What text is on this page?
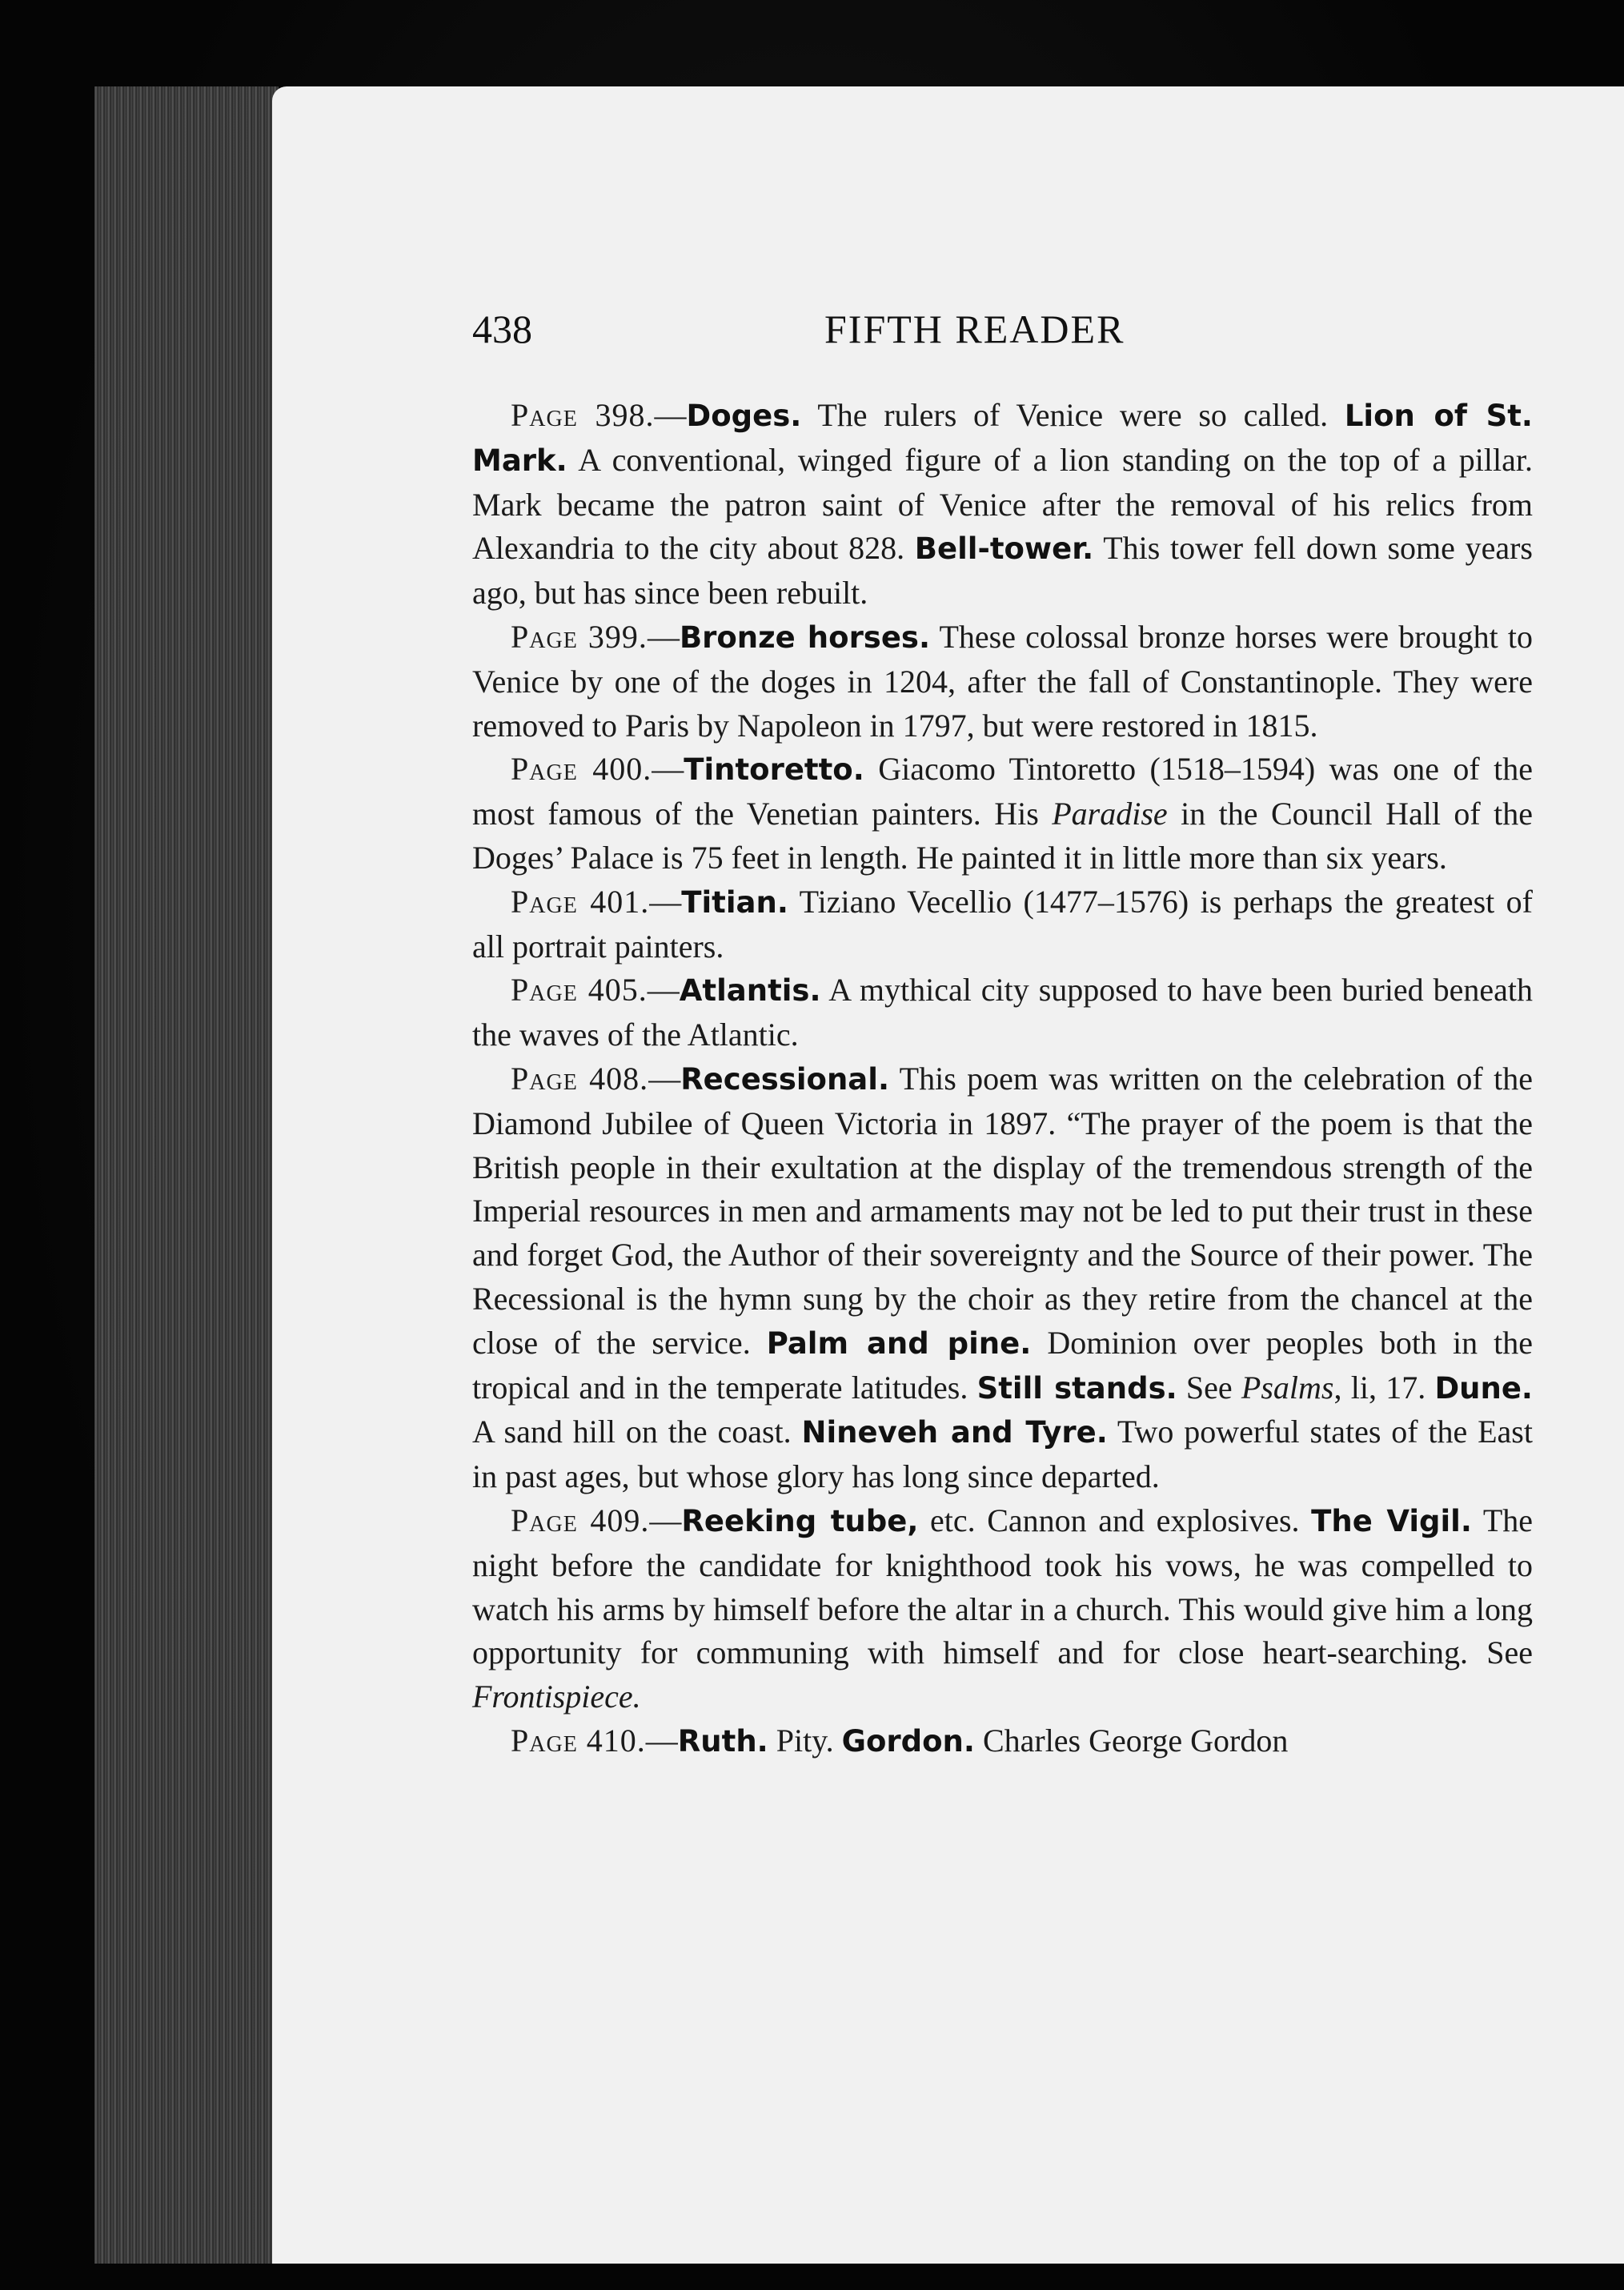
438	FIFTH READER

Page 398.—Doges. The rulers of Venice were so called. Lion of St. Mark. A conventional, winged figure of a lion standing on the top of a pillar. Mark became the patron saint of Venice after the removal of his relics from Alexandria to the city about 828. Bell-tower. This tower fell down some years ago, but has since been rebuilt.

Page 399.—Bronze horses. These colossal bronze horses were brought to Venice by one of the doges in 1204, after the fall of Constantinople. They were removed to Paris by Napoleon in 1797, but were restored in 1815.

Page 400.—Tintoretto. Giacomo Tintoretto (1518–1594) was one of the most famous of the Venetian painters. His Paradise in the Council Hall of the Doges’ Palace is 75 feet in length. He painted it in little more than six years.

Page 401.—Titian. Tiziano Vecellio (1477–1576) is perhaps the greatest of all portrait painters.

Page 405.—Atlantis. A mythical city supposed to have been buried beneath the waves of the Atlantic.

Page 408.—Recessional. This poem was written on the celebration of the Diamond Jubilee of Queen Victoria in 1897. “The prayer of the poem is that the British people in their exultation at the display of the tremendous strength of the Imperial resources in men and armaments may not be led to put their trust in these and forget God, the Author of their sovereignty and the Source of their power. The Recessional is the hymn sung by the choir as they retire from the chancel at the close of the service. Palm and pine. Dominion over peoples both in the tropical and in the temperate latitudes. Still stands. See Psalms, li, 17. Dune. A sand hill on the coast. Nineveh and Tyre. Two powerful states of the East in past ages, but whose glory has long since departed.

Page 409.—Reeking tube, etc. Cannon and explosives. The Vigil. The night before the candidate for knighthood took his vows, he was compelled to watch his arms by himself before the altar in a church. This would give him a long opportunity for communing with himself and for close heart-searching. See Frontispiece.

Page 410.—Ruth. Pity. Gordon. Charles George Gordon
